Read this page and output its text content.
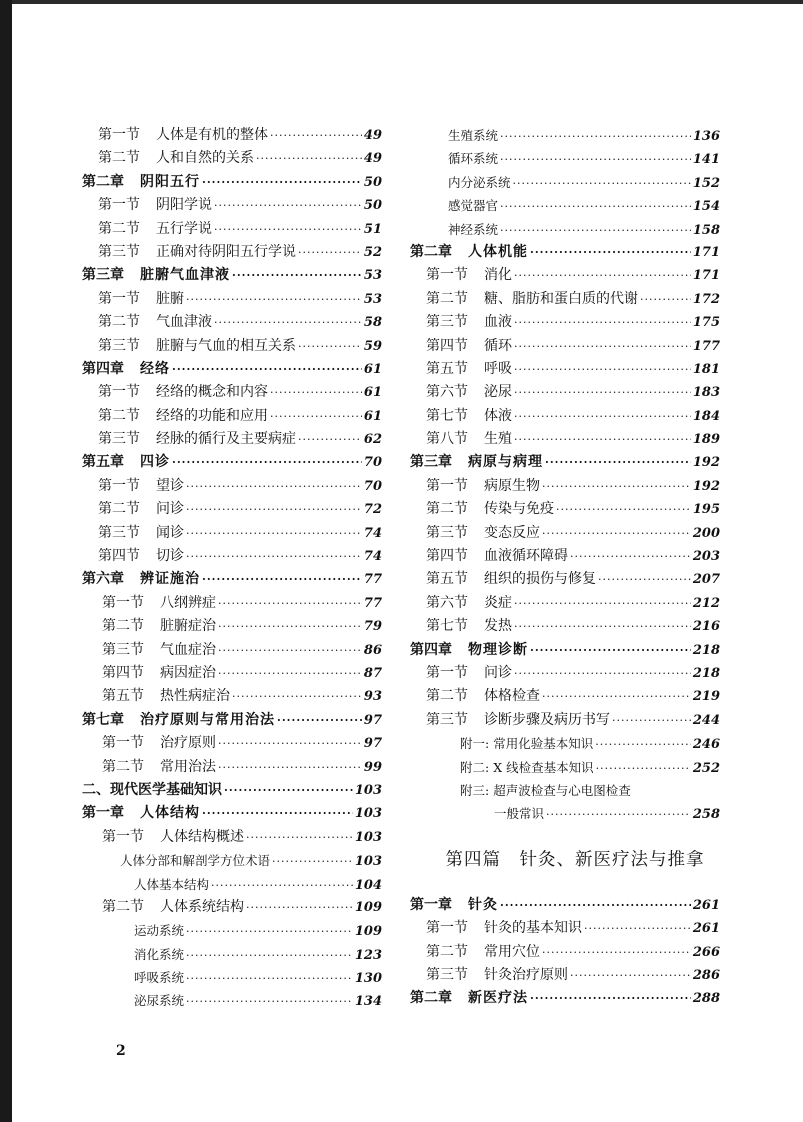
第一节	人体是有机的整体 ·····	49
第二节	人和自然的关系 ·····	49
第二章	阴阳五行 ·····	50
第一节	阴阳学说 ·····	50
第二节	五行学说 ·····	51
第三节	正确对待阴阳五行学说 ·····	52
第三章	脏腑气血津液 ·····	53
第一节	脏腑 ·····	53
第二节	气血津液 ·····	58
第三节	脏腑与气血的相互关系 ·····	59
第四章	经络 ·····	61
第一节	经络的概念和内容 ·····	61
第二节	经络的功能和应用 ·····	61
第三节	经脉的循行及主要病症 ·····	62
第五章	四诊 ·····	70
第一节	望诊 ·····	70
第二节	问诊 ·····	72
第三节	闻诊 ·····	74
第四节	切诊 ·····	74
第六章	辨证施治 ·····	77
第一节	八纲辨症 ·····	77
第二节	脏腑症治 ·····	79
第三节	气血症治 ·····	86
第四节	病因症治 ·····	87
第五节	热性病症治 ·····	93
第七章	治疗原则与常用治法 ·····	97
第一节	治疗原则 ·····	97
第二节	常用治法 ·····	99
二、现代医学基础知识 ·····	103
第一章	人体结构 ·····	103
第一节	人体结构概述 ·····	103
人体分部和解剖学方位术语 ·····	103
人体基本结构 ·····	104
第二节	人体系统结构 ·····	109
运动系统 ·····	109
消化系统 ·····	123
呼吸系统 ·····	130
泌尿系统 ·····	134
生殖系统 ·····	136
循环系统 ·····	141
内分泌系统 ·····	152
感觉器官 ·····	154
神经系统 ·····	158
第二章	人体机能 ·····	171
第一节	消化 ·····	171
第二节	糖、脂肪和蛋白质的代谢 ·····	172
第三节	血液 ·····	175
第四节	循环 ·····	177
第五节	呼吸 ·····	181
第六节	泌尿 ·····	183
第七节	体液 ·····	184
第八节	生殖 ·····	189
第三章	病原与病理 ·····	192
第一节	病原生物 ·····	192
第二节	传染与免疫 ·····	195
第三节	变态反应 ·····	200
第四节	血液循环障碍 ·····	203
第五节	组织的损伤与修复 ·····	207
第六节	炎症 ·····	212
第七节	发热 ·····	216
第四章	物理诊断 ·····	218
第一节	问诊 ·····	218
第二节	体格检查 ·····	219
第三节	诊断步骤及病历书写 ·····	244
附一: 常用化验基本知识 ·····	246
附二: X 线检查基本知识 ·····	252
附三: 超声波检查与心电图检查
一般常识 ·····	258
第四篇　针灸、新医疗法与推拿
第一章	针灸 ·····	261
第一节	针灸的基本知识 ·····	261
第二节	常用穴位 ·····	266
第三节	针灸治疗原则 ·····	286
第二章	新医疗法 ·····	288
2
